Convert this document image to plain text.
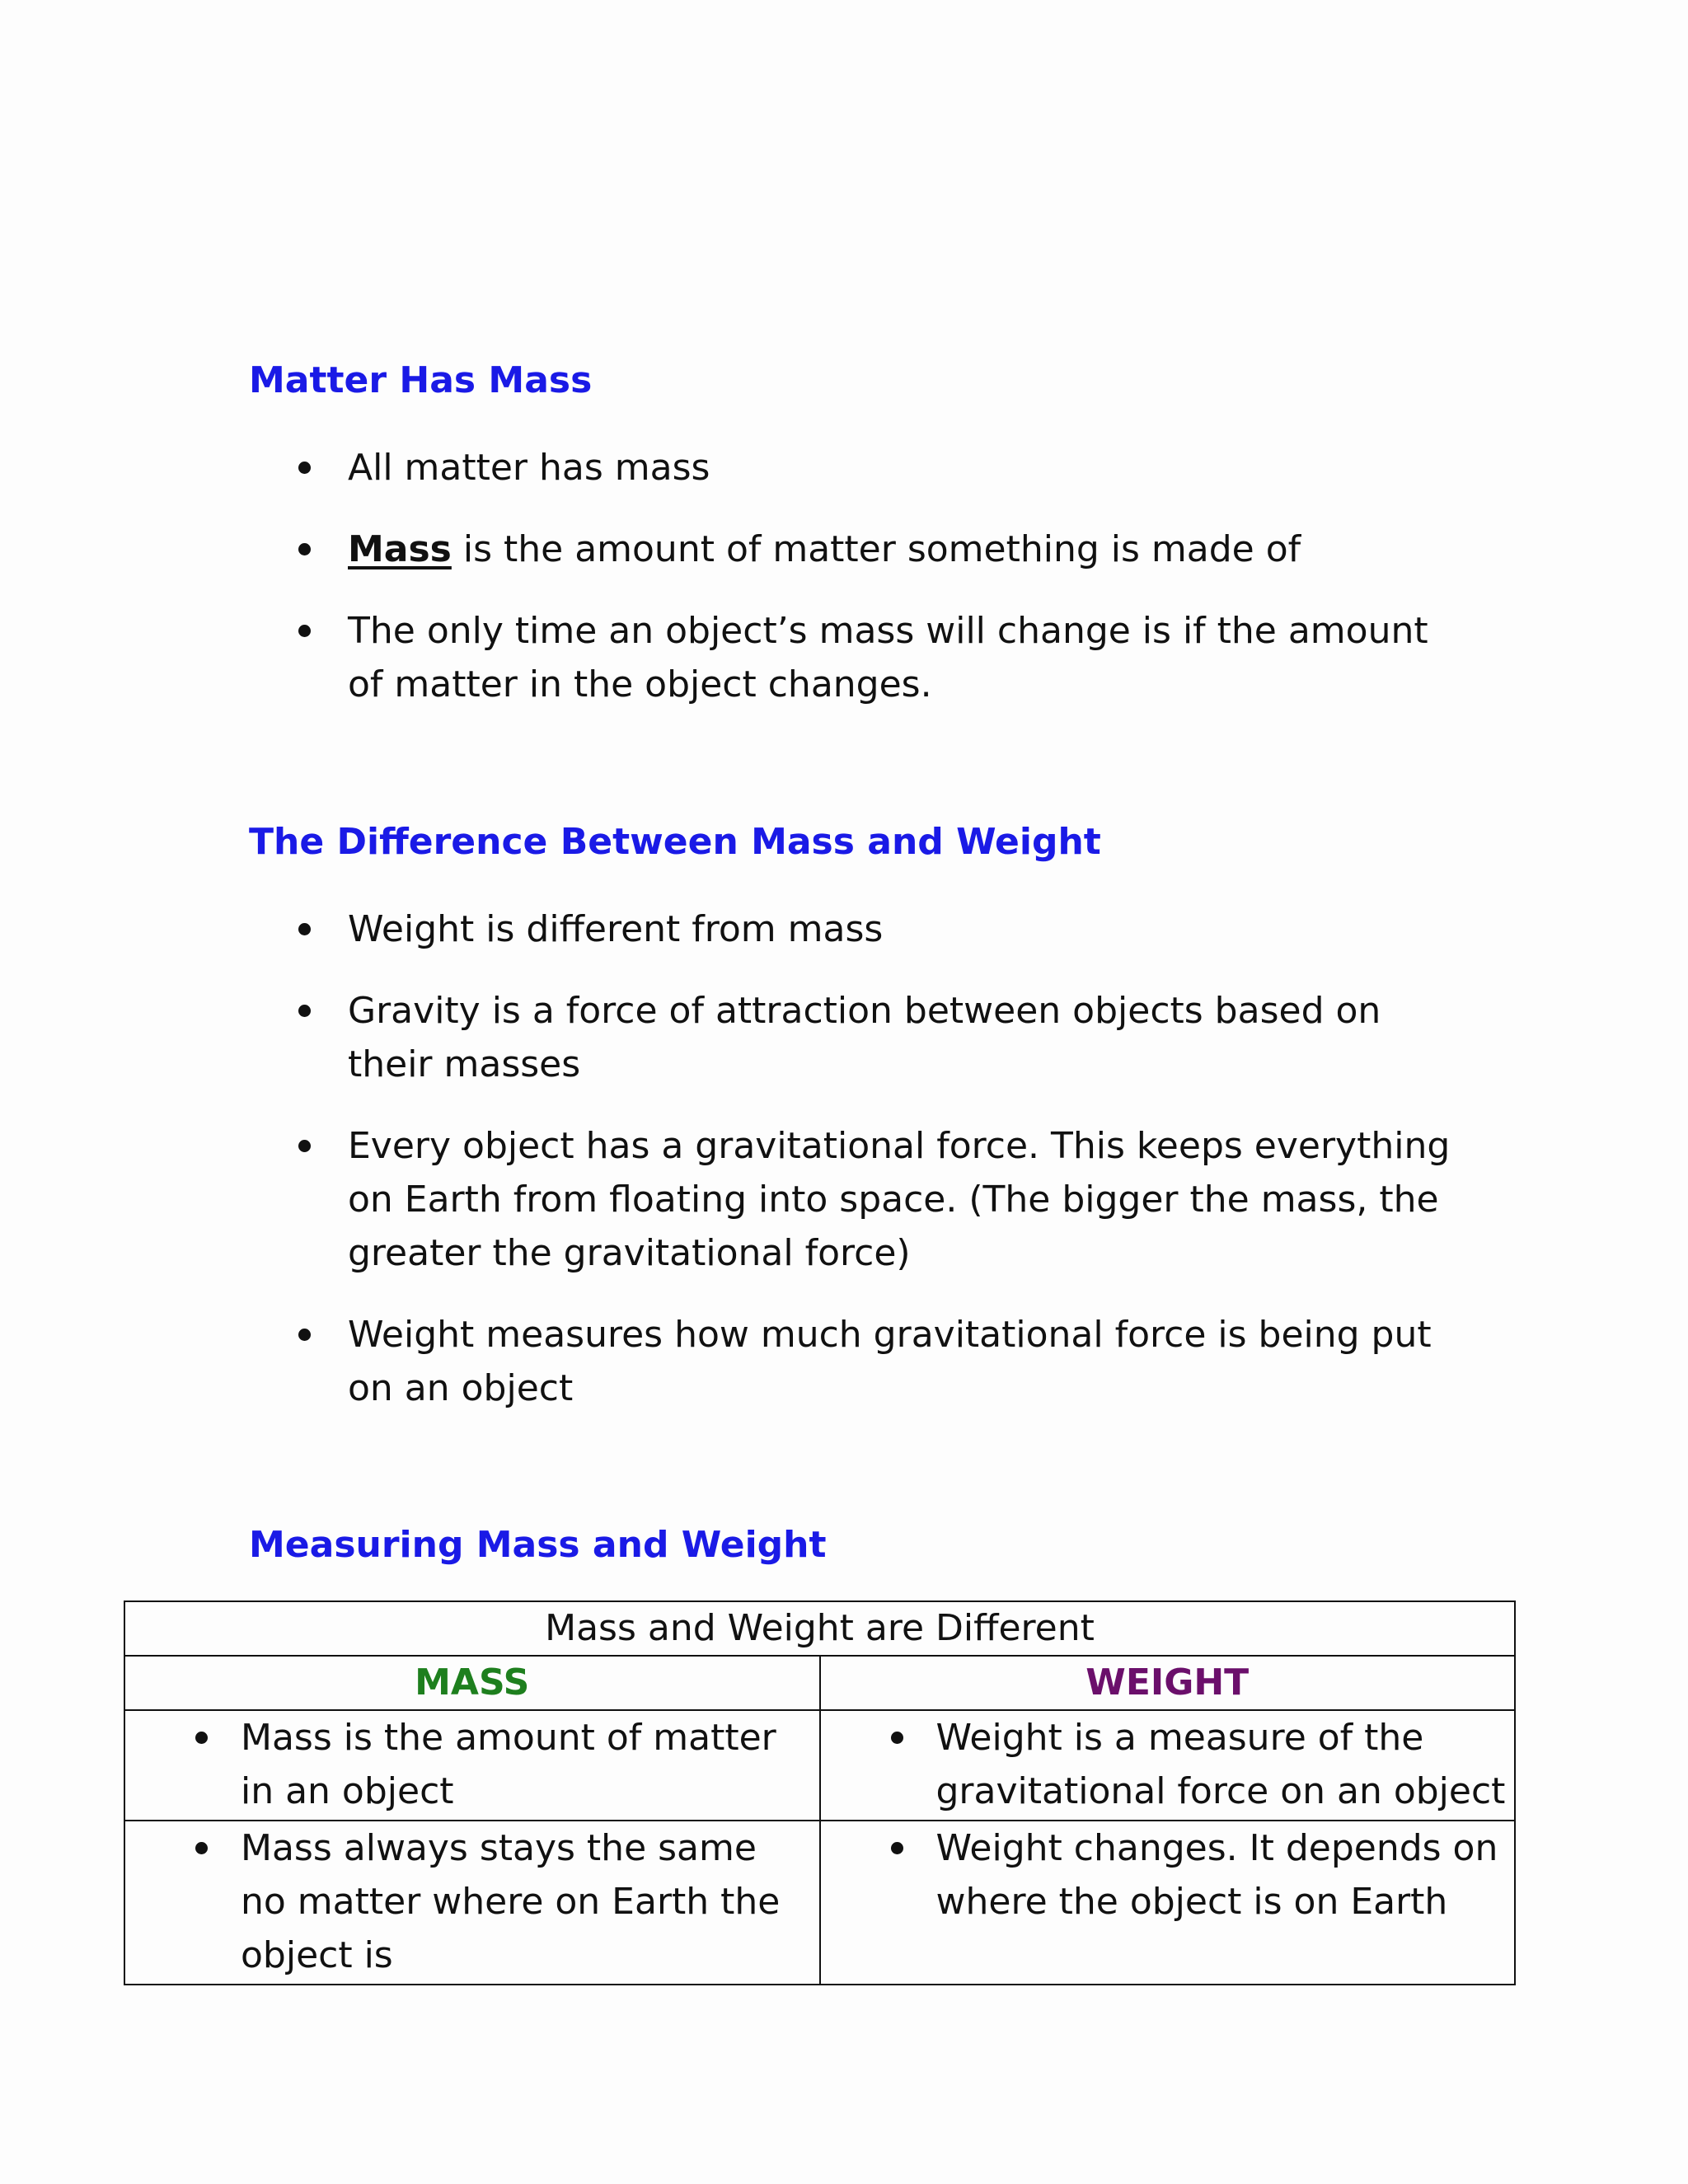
Matter Has Mass
All matter has mass
Mass is the amount of matter something is made of
The only time an object’s mass will change is if the amount of matter in the object changes.
The Difference Between Mass and Weight
Weight is different from mass
Gravity is a force of attraction between objects based on their masses
Every object has a gravitational force. This keeps everything on Earth from floating into space. (The bigger the mass, the greater the gravitational force)
Weight measures how much gravitational force is being put on an object
Measuring Mass and Weight
Mass and Weight are Different	
MASS	WEIGHT

Mass is the amount of matter in an object	Weight is a measure of the gravitational force on an object

Mass always stays the same no matter where on Earth the object is	Weight changes. It depends on where the object is on Earth
